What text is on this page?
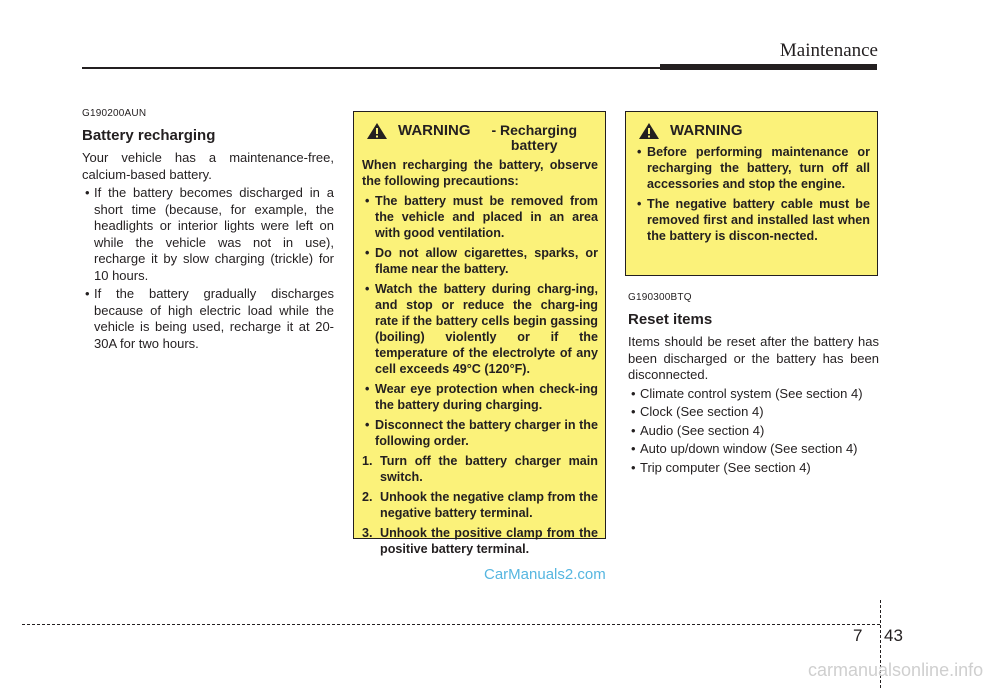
Maintenance
G190200AUN
Battery recharging
Your vehicle has a maintenance-free, calcium-based battery.
• If the battery becomes discharged in a short time (because, for example, the headlights or interior lights were left on while the vehicle was not in use), recharge it by slow charging (trickle) for 10 hours.
• If the battery gradually discharges because of high electric load while the vehicle is being used, recharge it at 20-30A for two hours.
WARNING	- Recharging battery
When recharging the battery, observe the following precautions:
• The battery must be removed from the vehicle and placed in an area with good ventilation.
• Do not allow cigarettes, sparks, or flame near the battery.
• Watch the battery during charg-ing, and stop or reduce the charg-ing rate if the battery cells begin gassing (boiling) violently or if the temperature of the electrolyte of any cell exceeds 49°C (120°F).
• Wear eye protection when check-ing the battery during charging.
• Disconnect the battery charger in the following order.
1. Turn off the battery charger main switch.
2. Unhook the negative clamp from the negative battery terminal.
3. Unhook the positive clamp from the positive battery terminal.
WARNING
• Before performing maintenance or recharging the battery, turn off all accessories and stop the engine.
• The negative battery cable must be removed first and installed last when the battery is discon-nected.
G190300BTQ
Reset items
Items should be reset after the battery has been discharged or the battery has been disconnected.
• Climate control system (See section 4)
• Clock (See section 4)
• Audio (See section 4)
• Auto up/down window (See section 4)
• Trip computer (See section 4)
CarManuals2.com
7 43
carmanualsonline.info
